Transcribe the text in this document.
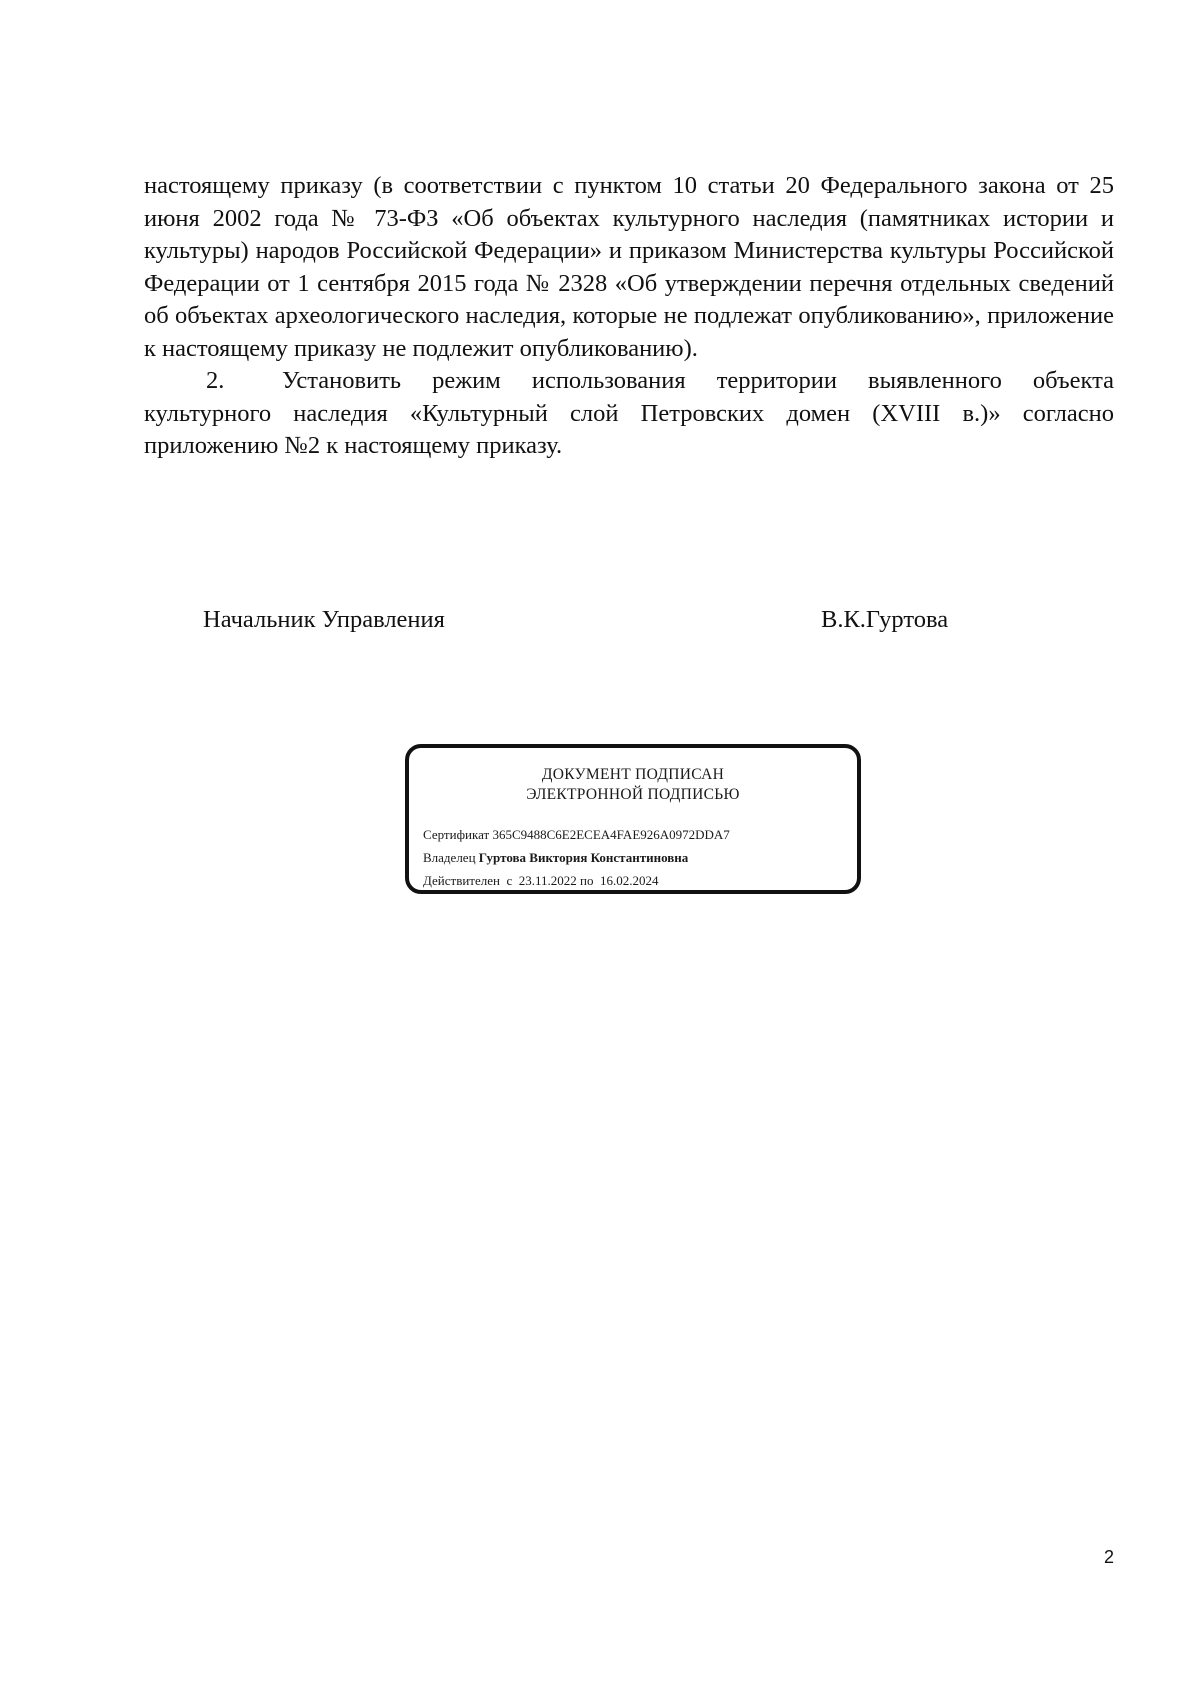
настоящему приказу (в соответствии с пунктом 10 статьи 20 Федерального закона от 25 июня 2002 года № 73-ФЗ «Об объектах культурного наследия (памятниках истории и культуры) народов Российской Федерации» и приказом Министерства культуры Российской Федерации от 1 сентября 2015 года № 2328 «Об утверждении перечня отдельных сведений об объектах археологического наследия, которые не подлежат опубликованию», приложение к настоящему приказу не подлежит опубликованию).

2. Установить режим использования территории выявленного объекта культурного наследия «Культурный слой Петровских домен (XVIII в.)» согласно приложению №2 к настоящему приказу.

Начальник Управления	В.К.Гуртова
ДОКУМЕНТ ПОДПИСАН
ЭЛЕКТРОННОЙ ПОДПИСЬЮ
Сертификат 365C9488C6E2ECEA4FAE926A0972DDA7
Владелец Гуртова Виктория Константиновна
Действителен с 23.11.2022 по 16.02.2024
2
